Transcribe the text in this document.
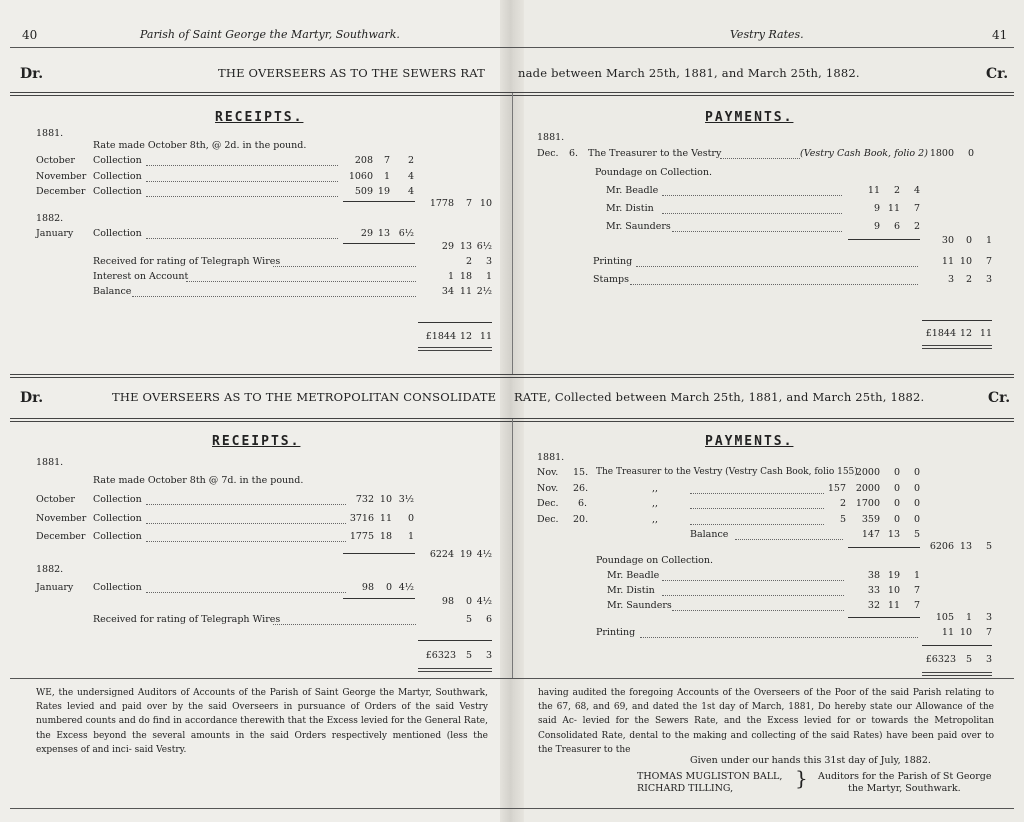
40	Parish of Saint George the Martyr, Southwark.	Vestry Rates.	41
Dr.	THE OVERSEERS AS TO THE SEWERS RAT	nade between March 25th, 1881, and March 25th, 1882.	Cr.
RECEIPTS.	PAYMENTS.
1881.
Rate made October 8th, @ 2d. in the pound.
October Collection	208	7	2
November Collection	1060	1	4
December Collection	509 19	4
1778	7 10
1882.
January Collection	29 13 6½
29 13 6½
Received for rating of Telegraph Wires	2	3
Interest on Account	1 18	1
Balance	34 11 2½
£1844 12 11
1881.
Dec. 6. The Treasurer to the Vestry	(Vestry Cash Book, folio 2) 1800	0
Poundage on Collection.
Mr. Beadle	11	2	4
Mr. Distin	9 11	7
Mr. Saunders	9	6	2
30	0	1
Printing	11 10	7
Stamps	3	2	3
£1844 12 11
Dr.	THE OVERSEERS AS TO THE METROPOLITAN CONSOLIDATE RATE, Collected between March 25th, 1881, and March 25th, 1882.	Cr.
RECEIPTS.	PAYMENTS.
1881.
Rate made October 8th @ 7d. in the pound.
October Collection	732 10 3½
November Collection	3716 11	0
December Collection	1775 18	1
6224 19 4½
1882.
January Collection	98	0 4½
98	0 4½
Received for rating of Telegraph Wires	5	6
£6323	5	3
1881.
Nov. 15. The Treasurer to the Vestry (Vestry Cash Book, folio 155)
2000	0	0
Nov. 26.	,,	157	2000	0	0
Dec. 6.	,,	2	1700	0	0
Dec. 20.	,,	5	359	0	0
Balance	147 13	5
6206 13	5
Poundage on Collection.
Mr. Beadle	38 19	1
Mr. Distin	33 10	7
Mr. Saunders	32 11	7
105	1	3
Printing	11 10	7
£6323	5	3
WE, the undersigned Auditors of Accounts of the Parish of Saint George the Martyr, Southwark, Rates levied and paid over by the said Overseers in pursuance of Orders of the said Vestry numbered counts and do find in accordance therewith that the Excess levied for the General Rate, the Excess beyond the several amounts in the said Orders respectively mentioned (less the expenses of and inci- said Vestry.
having audited the foregoing Accounts of the Overseers of the Poor of the said Parish relating to the 67, 68, and 69, and dated the 1st day of March, 1881, Do hereby state our Allowance of the said Ac- levied for the Sewers Rate, and the Excess levied for or towards the Metropolitan Consolidated Rate, dental to the making and collecting of the said Rates) have been paid over to the Treasurer to the
Given under our hands this 31st day of July, 1882.
THOMAS MUGLISTON BALL,
RICHARD TILLING,	} Auditors for the Parish of St George
the Martyr, Southwark.
